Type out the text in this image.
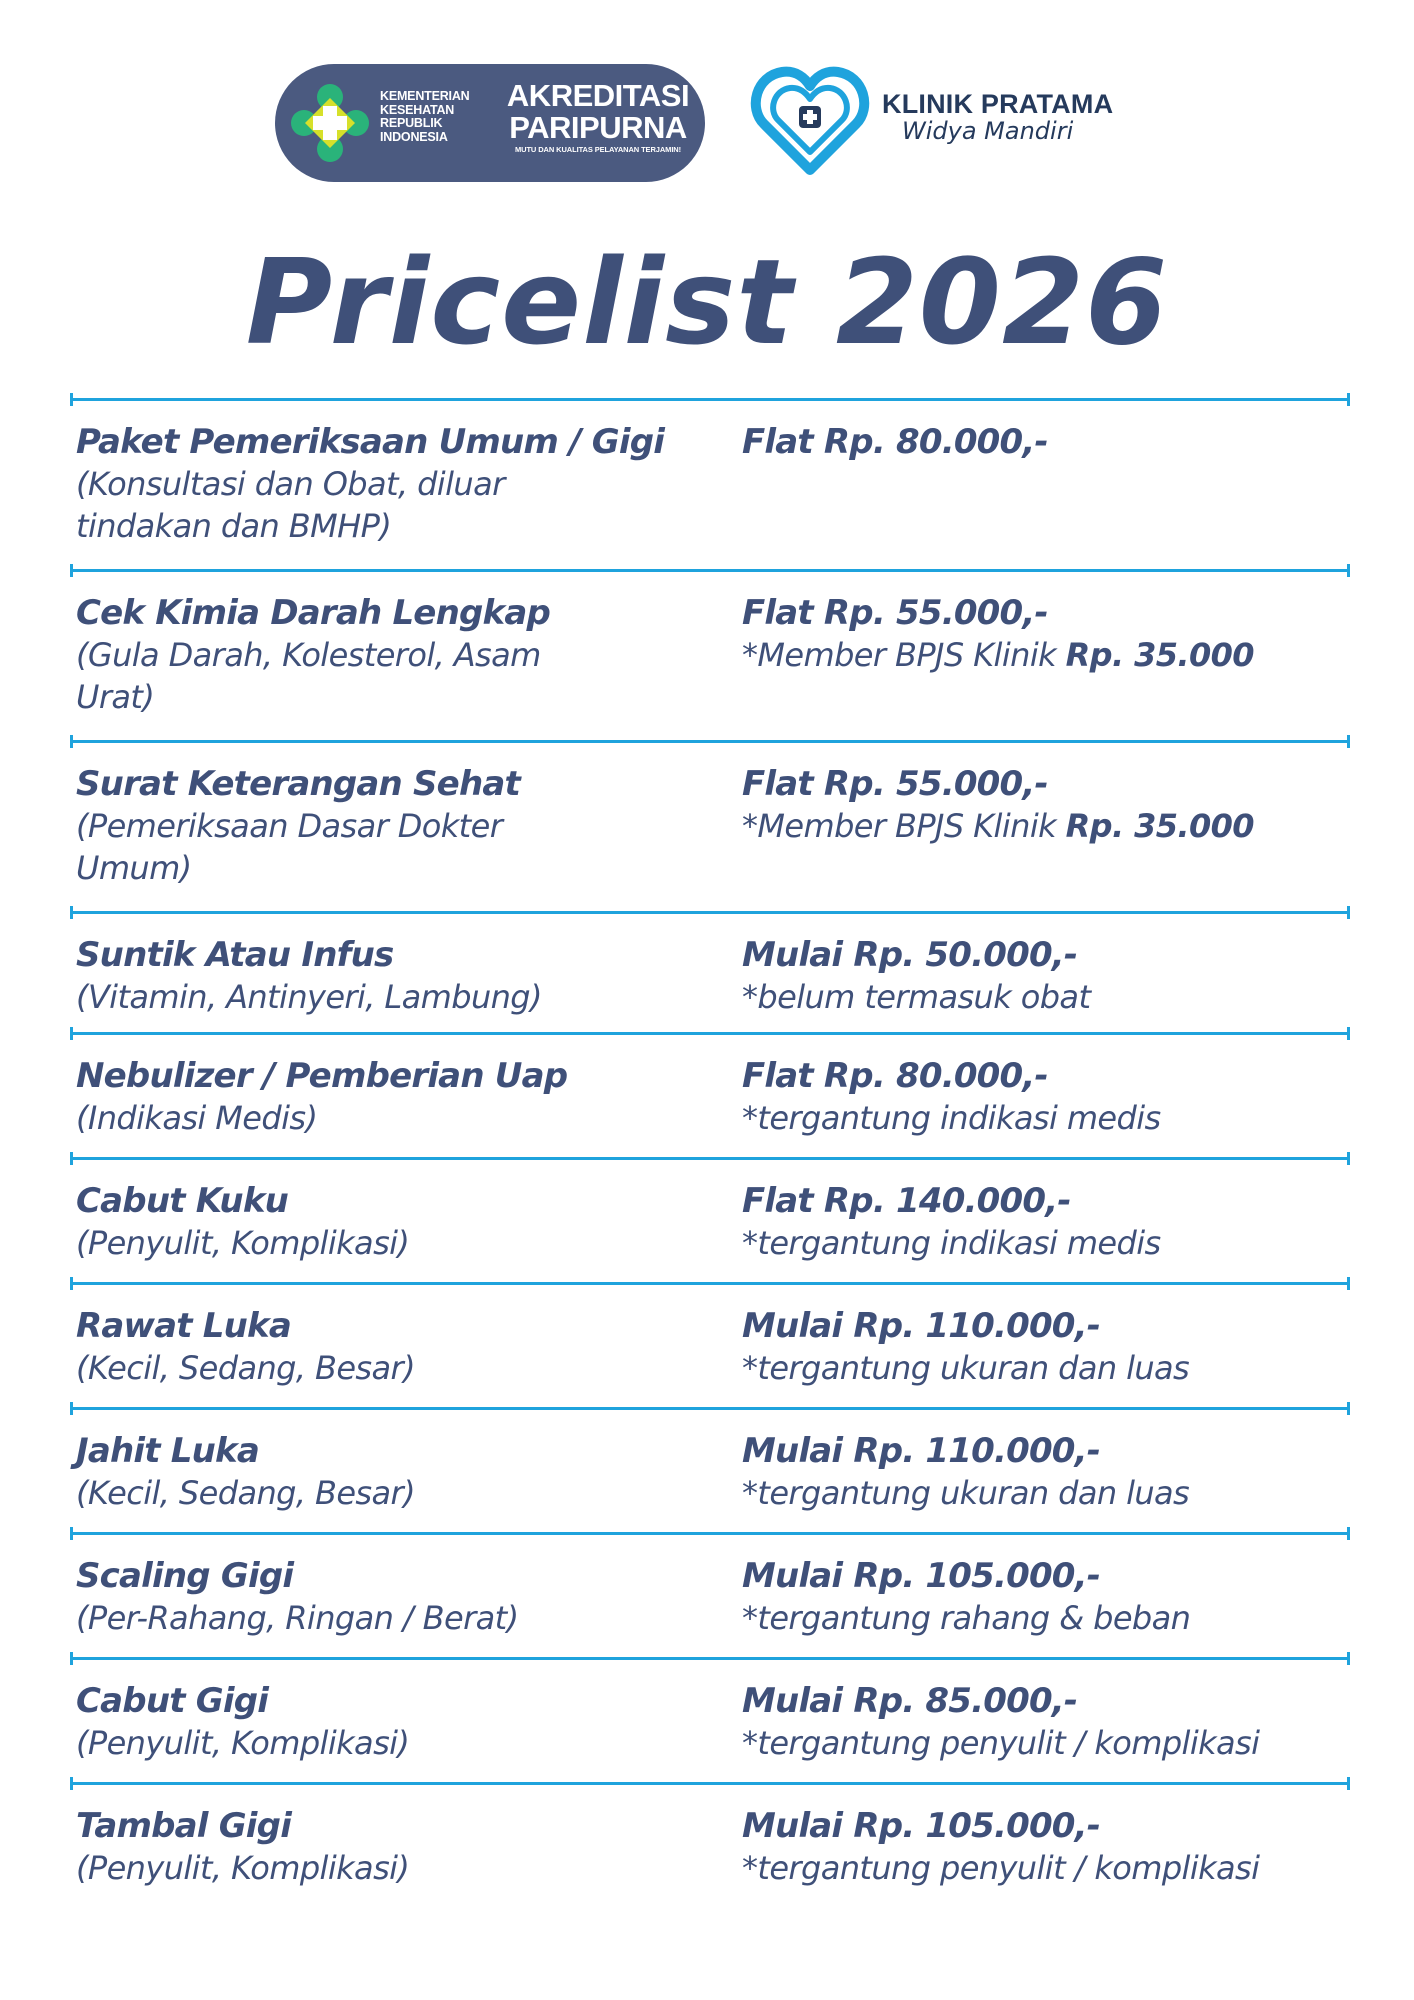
KEMENTERIAN
KESEHATAN
REPUBLIK
INDONESIA
AKREDITASI
PARIPURNA
MUTU DAN KUALITAS PELAYANAN TERJAMIN!
KLINIK PRATAMA
Widya Mandiri
Pricelist 2026
Paket Pemeriksaan Umum / Gigi
(Konsultasi dan Obat, diluar
tindakan dan BMHP)
Flat Rp. 80.000,-
Cek Kimia Darah Lengkap
(Gula Darah, Kolesterol, Asam
Urat)
Flat Rp. 55.000,-
*Member BPJS Klinik Rp. 35.000
Surat Keterangan Sehat
(Pemeriksaan Dasar Dokter
Umum)
Flat Rp. 55.000,-
*Member BPJS Klinik Rp. 35.000
Suntik Atau Infus
(Vitamin, Antinyeri, Lambung)
Mulai Rp. 50.000,-
*belum termasuk obat
Nebulizer / Pemberian Uap
(Indikasi Medis)
Flat Rp. 80.000,-
*tergantung indikasi medis
Cabut Kuku
(Penyulit, Komplikasi)
Flat Rp. 140.000,-
*tergantung indikasi medis
Rawat Luka
(Kecil, Sedang, Besar)
Mulai Rp. 110.000,-
*tergantung ukuran dan luas
Jahit Luka
(Kecil, Sedang, Besar)
Mulai Rp. 110.000,-
*tergantung ukuran dan luas
Scaling Gigi
(Per-Rahang, Ringan / Berat)
Mulai Rp. 105.000,-
*tergantung rahang & beban
Cabut Gigi
(Penyulit, Komplikasi)
Mulai Rp. 85.000,-
*tergantung penyulit / komplikasi
Tambal Gigi
(Penyulit, Komplikasi)
Mulai Rp. 105.000,-
*tergantung penyulit / komplikasi
